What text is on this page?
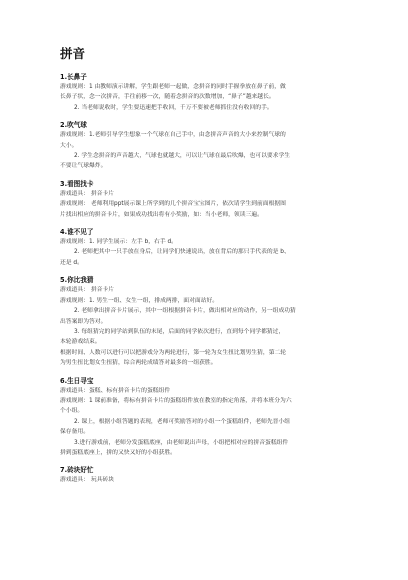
拼音
1.长鼻子
游戏规则：1 由教师演示讲解，学生跟老师一起做，念拼音的同时手握拳放在鼻子前，做
长鼻子状，念一次拼音，手往前移一次，随着念拼音的次数增加，“鼻子”越来越长。
2. 当老师说收时，学生要迅速把手收回，千万不要被老师抓住没有收回的手。
2.吹气球
游戏规则：1.老师引导学生想象一个气球在自己手中，由念拼音声音的大小来控制气球的
大小。
2. 学生念拼音的声音越大，气球也就越大，可以让气球在最后吹爆，也可以要求学生
不要让气球爆炸。
3.看图找卡
游戏道具： 拼音卡片
游戏规则： 老师利用ppt展示课上所学到的几个拼音宝宝图片，依次请学生到前面根据图
片找出相应的拼音卡片，如果成功找出将有小奖励，如：当小老师，领读三遍。
4.谁不见了
游戏规则：1. 同学生展示：左手 b，右手 d。
2. 老师把其中一只手放在身后，让同学们快速说出，放在背后的那只手代表的是 b、
还是 d。
5.你比我猜
游戏道具： 拼音卡片
游戏规则：1. 男生一组、女生一组，排成两排，面对面站好。
2. 老师拿出拼音卡片展示，其中一组根据拼音卡片，做出相对应的动作，另一组成功猜
出答案即为答对。
3. 每组猜完的同学站到队伍的末尾，后面的同学依次进行，直到每个同学都猜过，
本轮游戏结束。
根据时间、人数可以进行可以把游戏分为两轮进行，第一轮为女生扭比划男生猜，第二轮
为男生扭比划女生扭猜，综合两轮成绩答对最多的一组获胜。
6.生日寻宝
游戏道具：蛋糕、标有拼音卡片的蛋糕组件
游戏规则：1 课前准备，将标有拼音卡片的蛋糕组件放在教室的指定角落，并将本班分为六
个小组。
2. 课上，根据小组答题的表现，老师可奖励答对的小组一个蛋糕组件，老师先晋小组
保存备用。
3.进行游戏前，老师分发蛋糕底座，由老师说出声母，小组把相对应的拼音蛋糕组件
拼到蛋糕底座上，拼的又快又好的小组获胜。
7.砖块好忙
游戏道具： 玩具砖块
